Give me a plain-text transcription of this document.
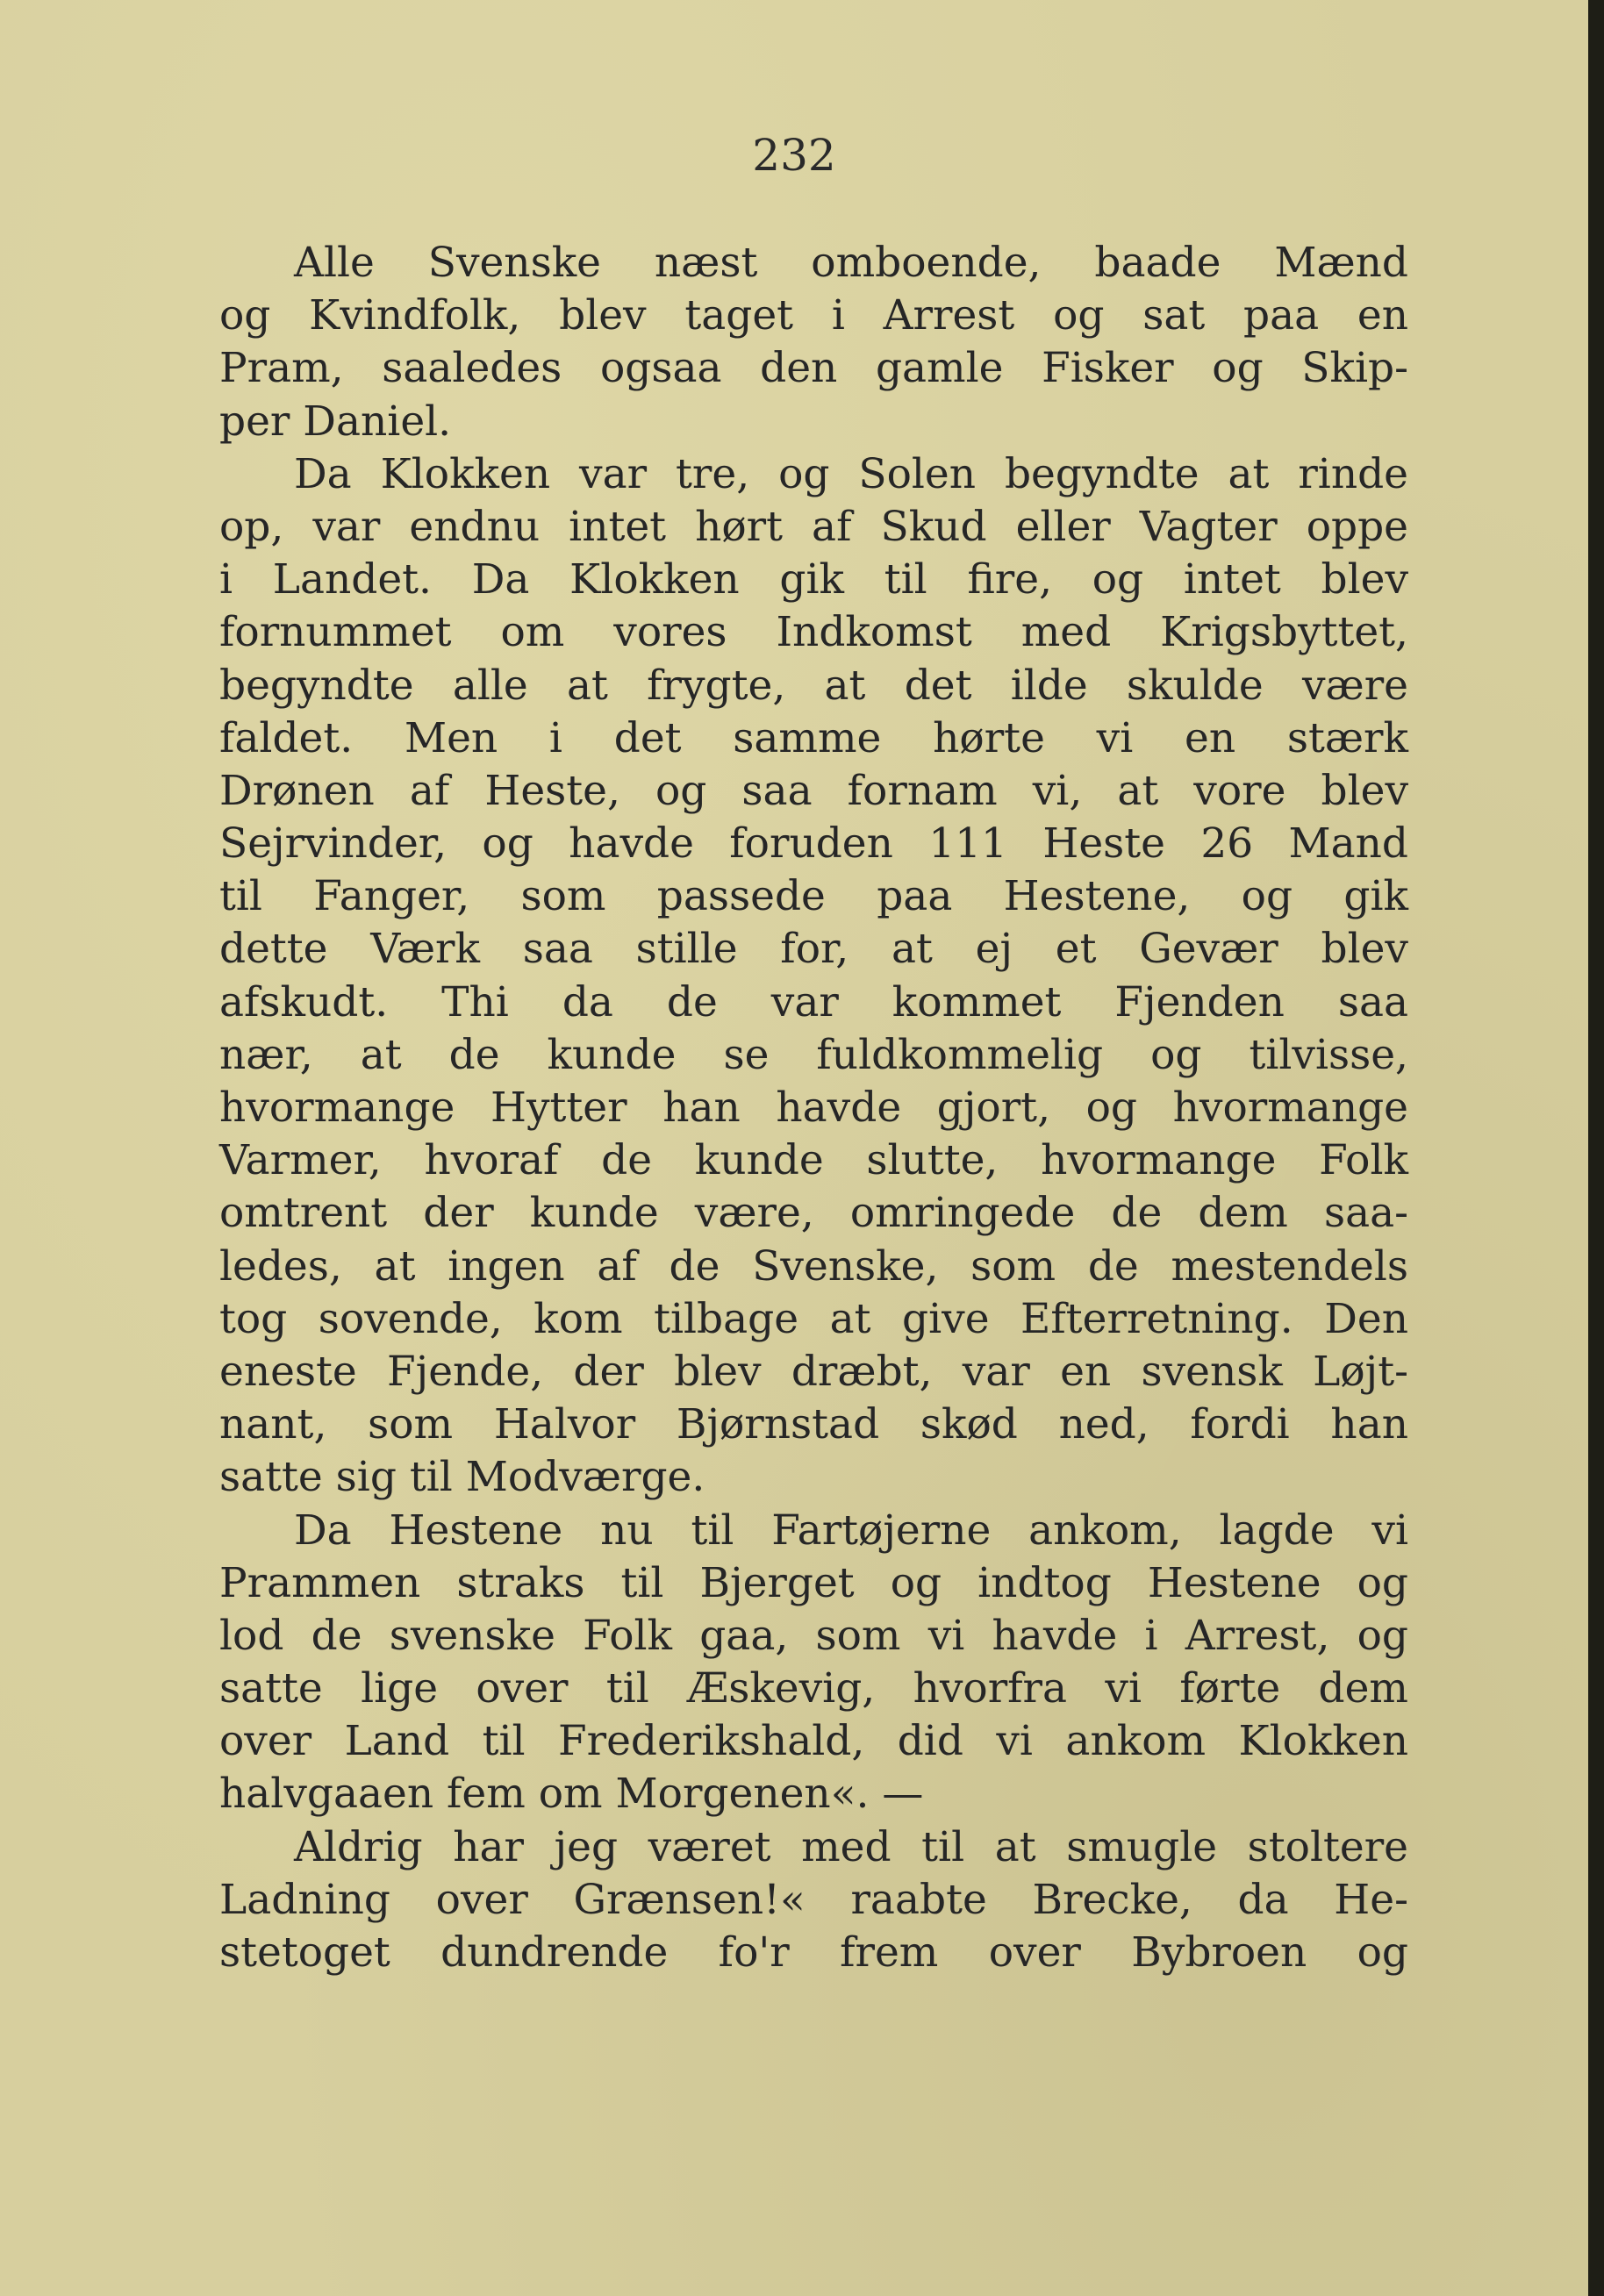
232
Alle Svenske næst omboende, baade Mænd
og Kvindfolk, blev taget i Arrest og sat paa en
Pram, saaledes ogsaa den gamle Fisker og Skip-
per Daniel.
Da Klokken var tre, og Solen begyndte at rinde
op, var endnu intet hørt af Skud eller Vagter oppe
i Landet. Da Klokken gik til fire, og intet blev
fornummet om vores Indkomst med Krigsbyttet,
begyndte alle at frygte, at det ilde skulde være
faldet. Men i det samme hørte vi en stærk
Drønen af Heste, og saa fornam vi, at vore blev
Sejrvinder, og havde foruden 111 Heste 26 Mand
til Fanger, som passede paa Hestene, og gik
dette Værk saa stille for, at ej et Gevær blev
afskudt. Thi da de var kommet Fjenden saa
nær, at de kunde se fuldkommelig og tilvisse,
hvormange Hytter han havde gjort, og hvormange
Varmer, hvoraf de kunde slutte, hvormange Folk
omtrent der kunde være, omringede de dem saa-
ledes, at ingen af de Svenske, som de mestendels
tog sovende, kom tilbage at give Efterretning. Den
eneste Fjende, der blev dræbt, var en svensk Løjt-
nant, som Halvor Bjørnstad skød ned, fordi han
satte sig til Modværge.
Da Hestene nu til Fartøjerne ankom, lagde vi
Prammen straks til Bjerget og indtog Hestene og
lod de svenske Folk gaa, som vi havde i Arrest, og
satte lige over til Æskevig, hvorfra vi førte dem
over Land til Frederikshald, did vi ankom Klokken
halvgaaen fem om Morgenen«. —
Aldrig har jeg været med til at smugle stoltere
Ladning over Grænsen!« raabte Brecke, da He-
stetoget dundrende fo'r frem over Bybroen og
